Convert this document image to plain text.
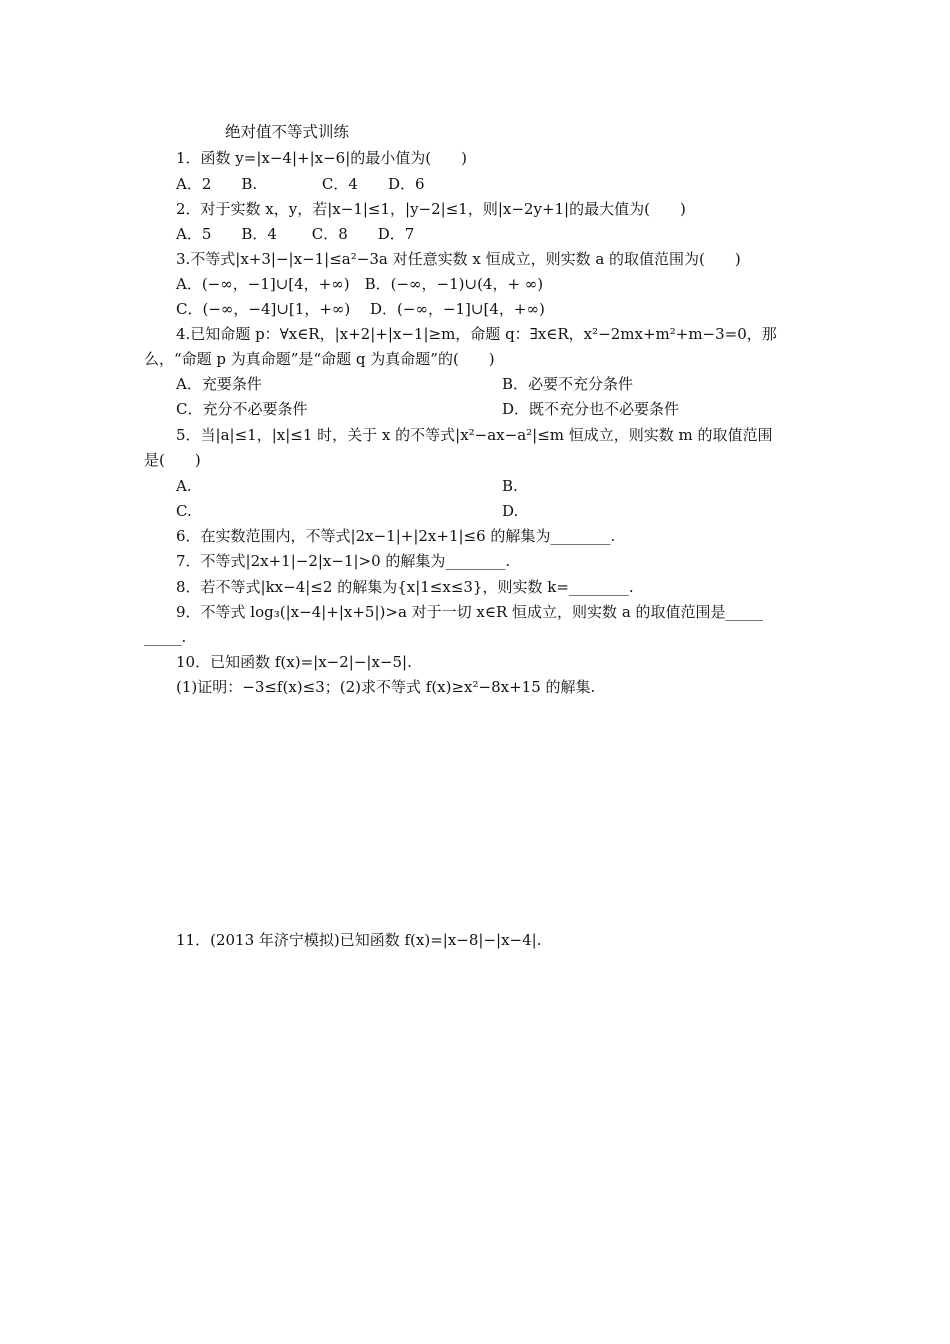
绝对值不等式训练
1．函数 y=|x−4|+|x−6|的最小值为(　　)
A．2　　B.　　　　 C．4　　D．6
2．对于实数 x，y，若|x−1|≤1，|y−2|≤1，则|x−2y+1|的最大值为(　　)
A．5　　B．4　　 C．8　　D．7
3.不等式|x+3|−|x−1|≤a²−3a 对任意实数 x 恒成立，则实数 a 的取值范围为(　　)
A．(−∞，−1]∪[4，+∞)　B．(−∞，−1)∪(4，+ ∞)
C．(−∞，−4]∪[1，+∞)　 D．(−∞，−1]∪[4，+∞)
4.已知命题 p：∀x∈R，|x+2|+|x−1|≥m，命题 q：∃x∈R，x²−2mx+m²+m−3=0，那
么，“命题 p 为真命题”是“命题 q 为真命题”的(　　)
A．充要条件	B．必要不充分条件
C．充分不必要条件	D．既不充分也不必要条件
5．当|a|≤1，|x|≤1 时，关于 x 的不等式|x²−ax−a²|≤m 恒成立，则实数 m 的取值范围
是(　　)
A.	B.
C.	D.
6．在实数范围内，不等式|2x−1|+|2x+1|≤6 的解集为________.
7．不等式|2x+1|−2|x−1|>0 的解集为________.
8．若不等式|kx−4|≤2 的解集为{x|1≤x≤3}，则实数 k=________.
9．不等式 log₃(|x−4|+|x+5|)>a 对于一切 x∈R 恒成立，则实数 a 的取值范围是_____
_____.
10．已知函数 f(x)=|x−2|−|x−5|.
(1)证明：−3≤f(x)≤3；(2)求不等式 f(x)≥x²−8x+15 的解集.
11．(2013 年济宁模拟)已知函数 f(x)=|x−8|−|x−4|.
